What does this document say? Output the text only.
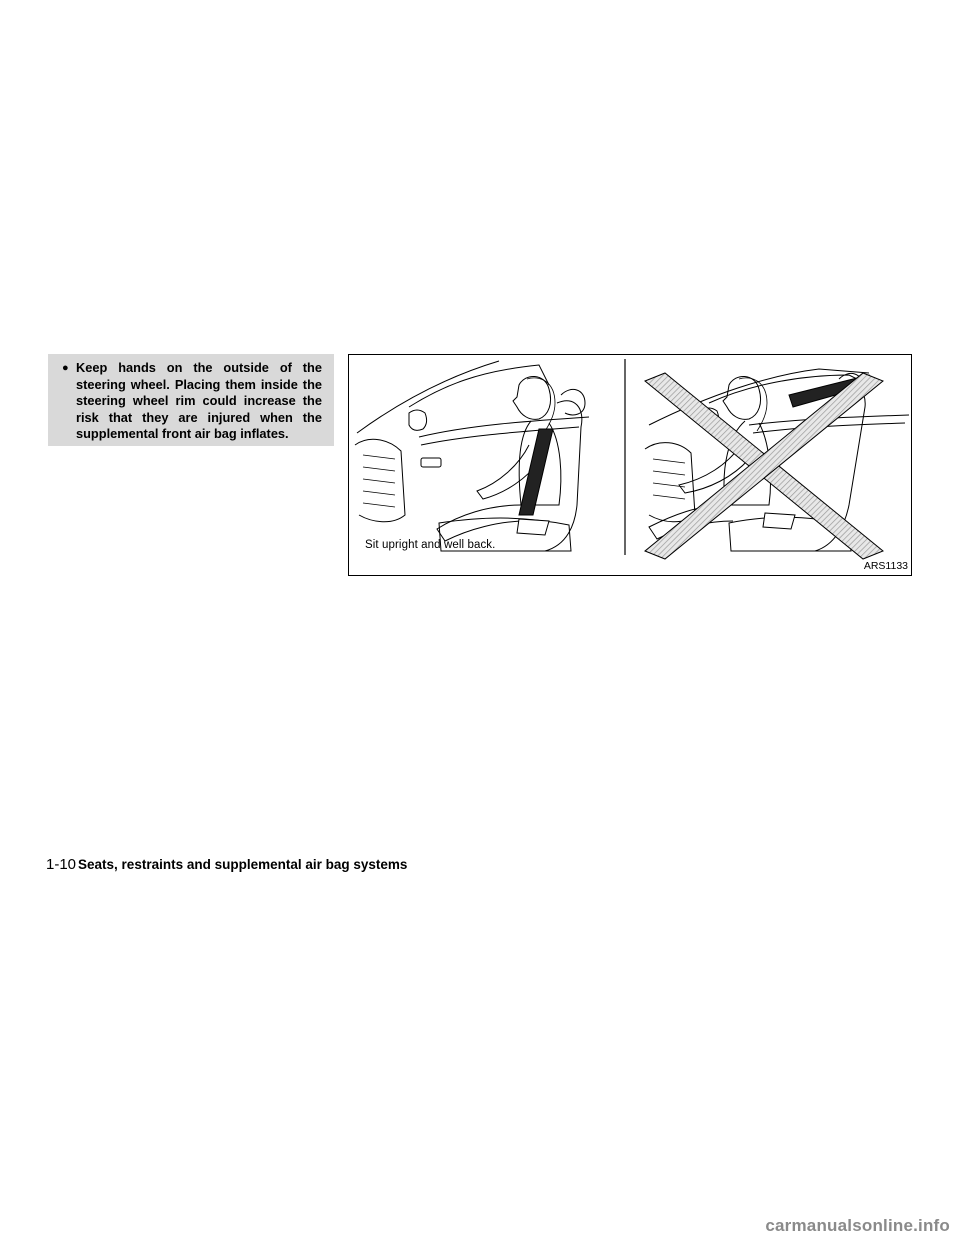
● Keep hands on the outside of the steering wheel. Placing them inside the steering wheel rim could increase the risk that they are injured when the supplemental front air bag inflates.
Sit upright and well back.
ARS1133
1-10 Seats, restraints and supplemental air bag systems
carmanualsonline.info
